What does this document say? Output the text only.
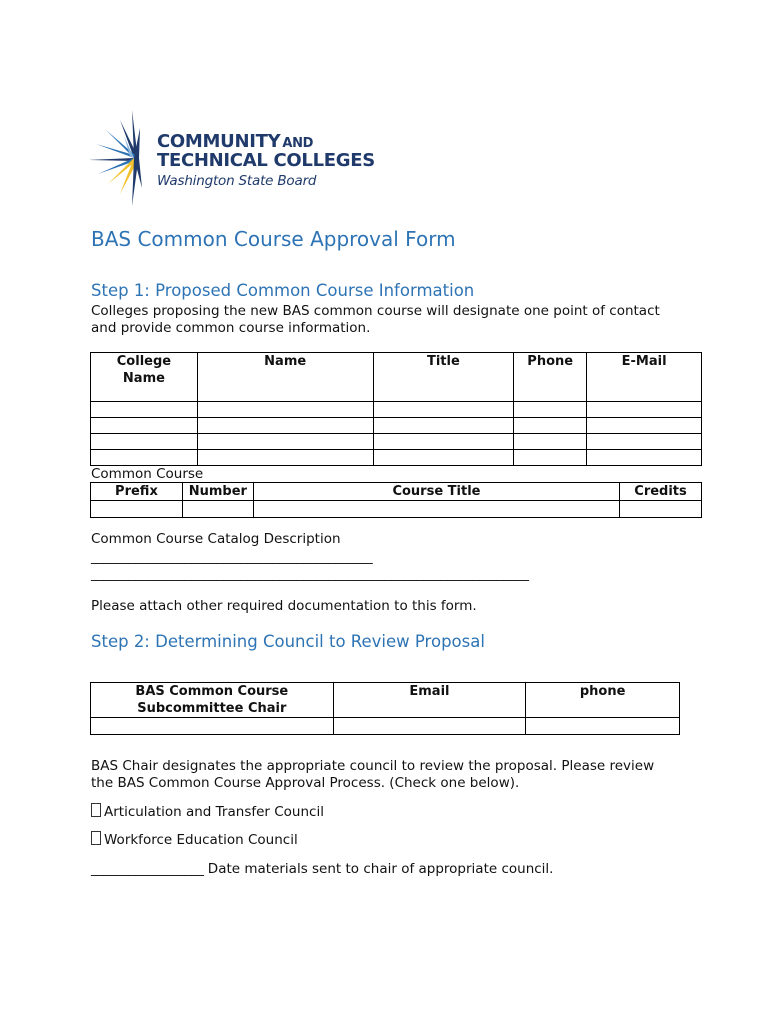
COMMUNITY AND
TECHNICAL COLLEGES
Washington State Board
BAS Common Course Approval Form
Step 1: Proposed Common Course Information
Colleges proposing the new BAS common course will designate one point of contact
and provide common course information.
College
Name	Name	Title	Phone	E-Mail

Common Course
Prefix	Number	Course Title	Credits

Common Course Catalog Description
_____________________________________________
______________________________________________________________________
Please attach other required documentation to this form.
Step 2: Determining Council to Review Proposal
BAS Common Course
Subcommittee Chair	Email	phone

BAS Chair designates the appropriate council to review the proposal. Please review
the BAS Common Course Approval Process. (Check one below).
Articulation and Transfer Council
Workforce Education Council
__________________ Date materials sent to chair of appropriate council.
